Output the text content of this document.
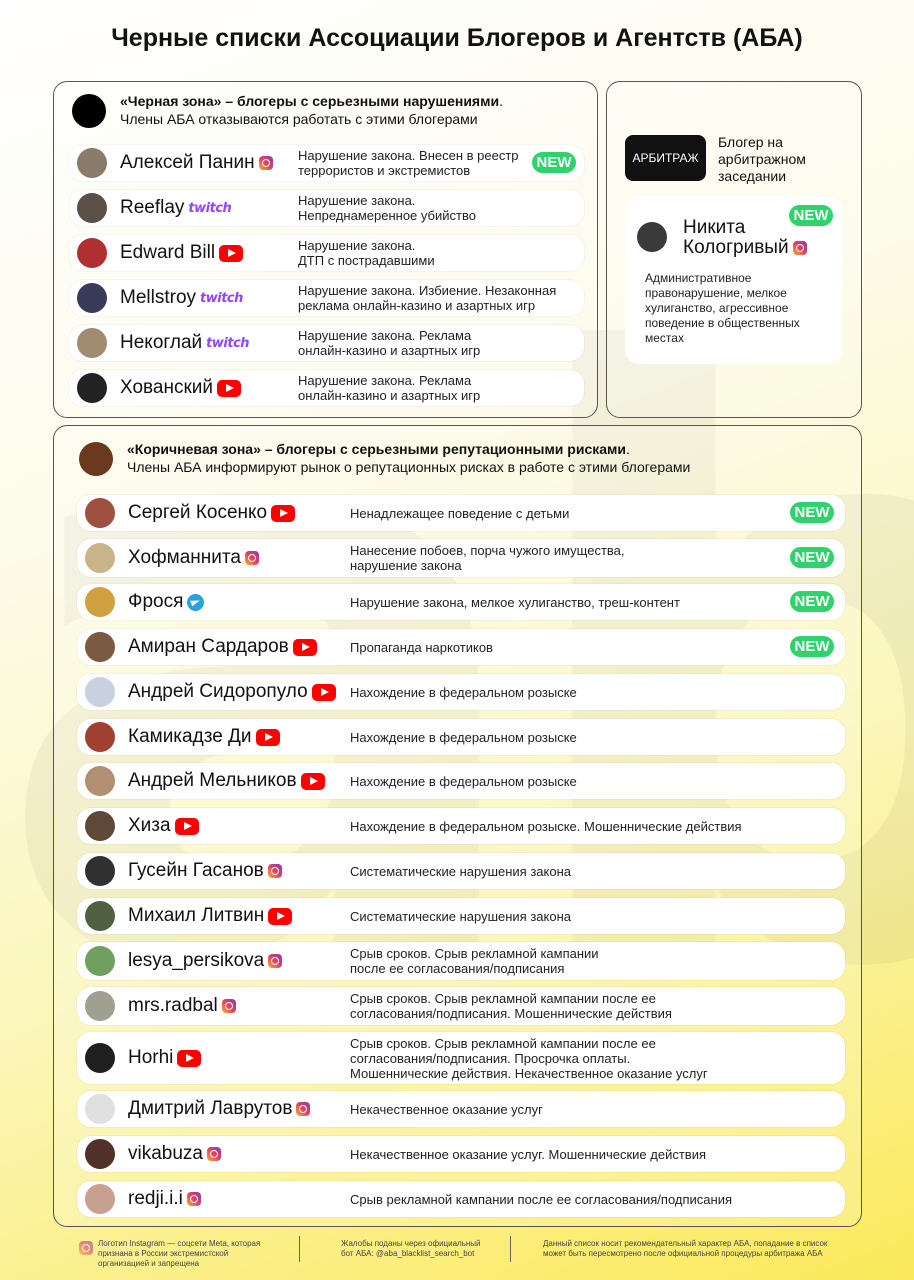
Черные списки Ассоциации Блогеров и Агентств (АБА)
«Черная зона» – блогеры с серьезными нарушениями.
Члены АБА отказываются работать с этими блогерами
Алексей Панин	Нарушение закона. Внесен в реестр
террористов и экстремистов	NEW
Reeflay twitch	Нарушение закона.
Непреднамеренное убийство
Edward Bill	Нарушение закона.
ДТП с пострадавшими
Mellstroy twitch	Нарушение закона. Избиение. Незаконная
реклама онлайн-казино и азартных игр
Некоглай twitch	Нарушение закона. Реклама
онлайн-казино и азартных игр
Хованский	Нарушение закона. Реклама
онлайн-казино и азартных игр
АРБИТРАЖ
Блогер на арбитражном заседании
Никита
Кологривый
NEW
Административное правонарушение, мелкое хулиганство, агрессивное поведение в общественных местах
«Коричневая зона» – блогеры с серьезными репутационными рисками.
Члены АБА информируют рынок о репутационных рисках в работе с этими блогерами
Сергей Косенко	Ненадлежащее поведение с детьми	NEW
Хофманнита	Нанесение побоев, порча чужого имущества,
нарушение закона	NEW
Фрося	Нарушение закона, мелкое хулиганство, треш-контент	NEW
Амиран Сардаров	Пропаганда наркотиков	NEW
Андрей Сидоропуло	Нахождение в федеральном розыске
Камикадзе Ди	Нахождение в федеральном розыске
Андрей Мельников	Нахождение в федеральном розыске
Хиза	Нахождение в федеральном розыске. Мошеннические действия
Гусейн Гасанов	Систематические нарушения закона
Михаил Литвин	Систематические нарушения закона
lesya_persikova	Срыв сроков. Срыв рекламной кампании
после ее согласования/подписания
mrs.radbal	Срыв сроков. Срыв рекламной кампании после ее
согласования/подписания. Мошеннические действия
Horhi
Срыв сроков. Срыв рекламной кампании после ее
согласования/подписания. Просрочка оплаты.
Мошеннические действия. Некачественное оказание услуг
Дмитрий Лаврутов	Некачественное оказание услуг
vikabuza	Некачественное оказание услуг. Мошеннические действия
redji.i.i	Срыв рекламной кампании после ее согласования/подписания
Логотип Instagram — соцсети Meta, которая признана в России экстремистской организацией и запрещена
Жалобы поданы через официальный бот АБА: @aba_blacklist_search_bot
Данный список носит рекомендательный характер АБА, попадание в список может быть пересмотрено после официальной процедуры арбитража АБА
